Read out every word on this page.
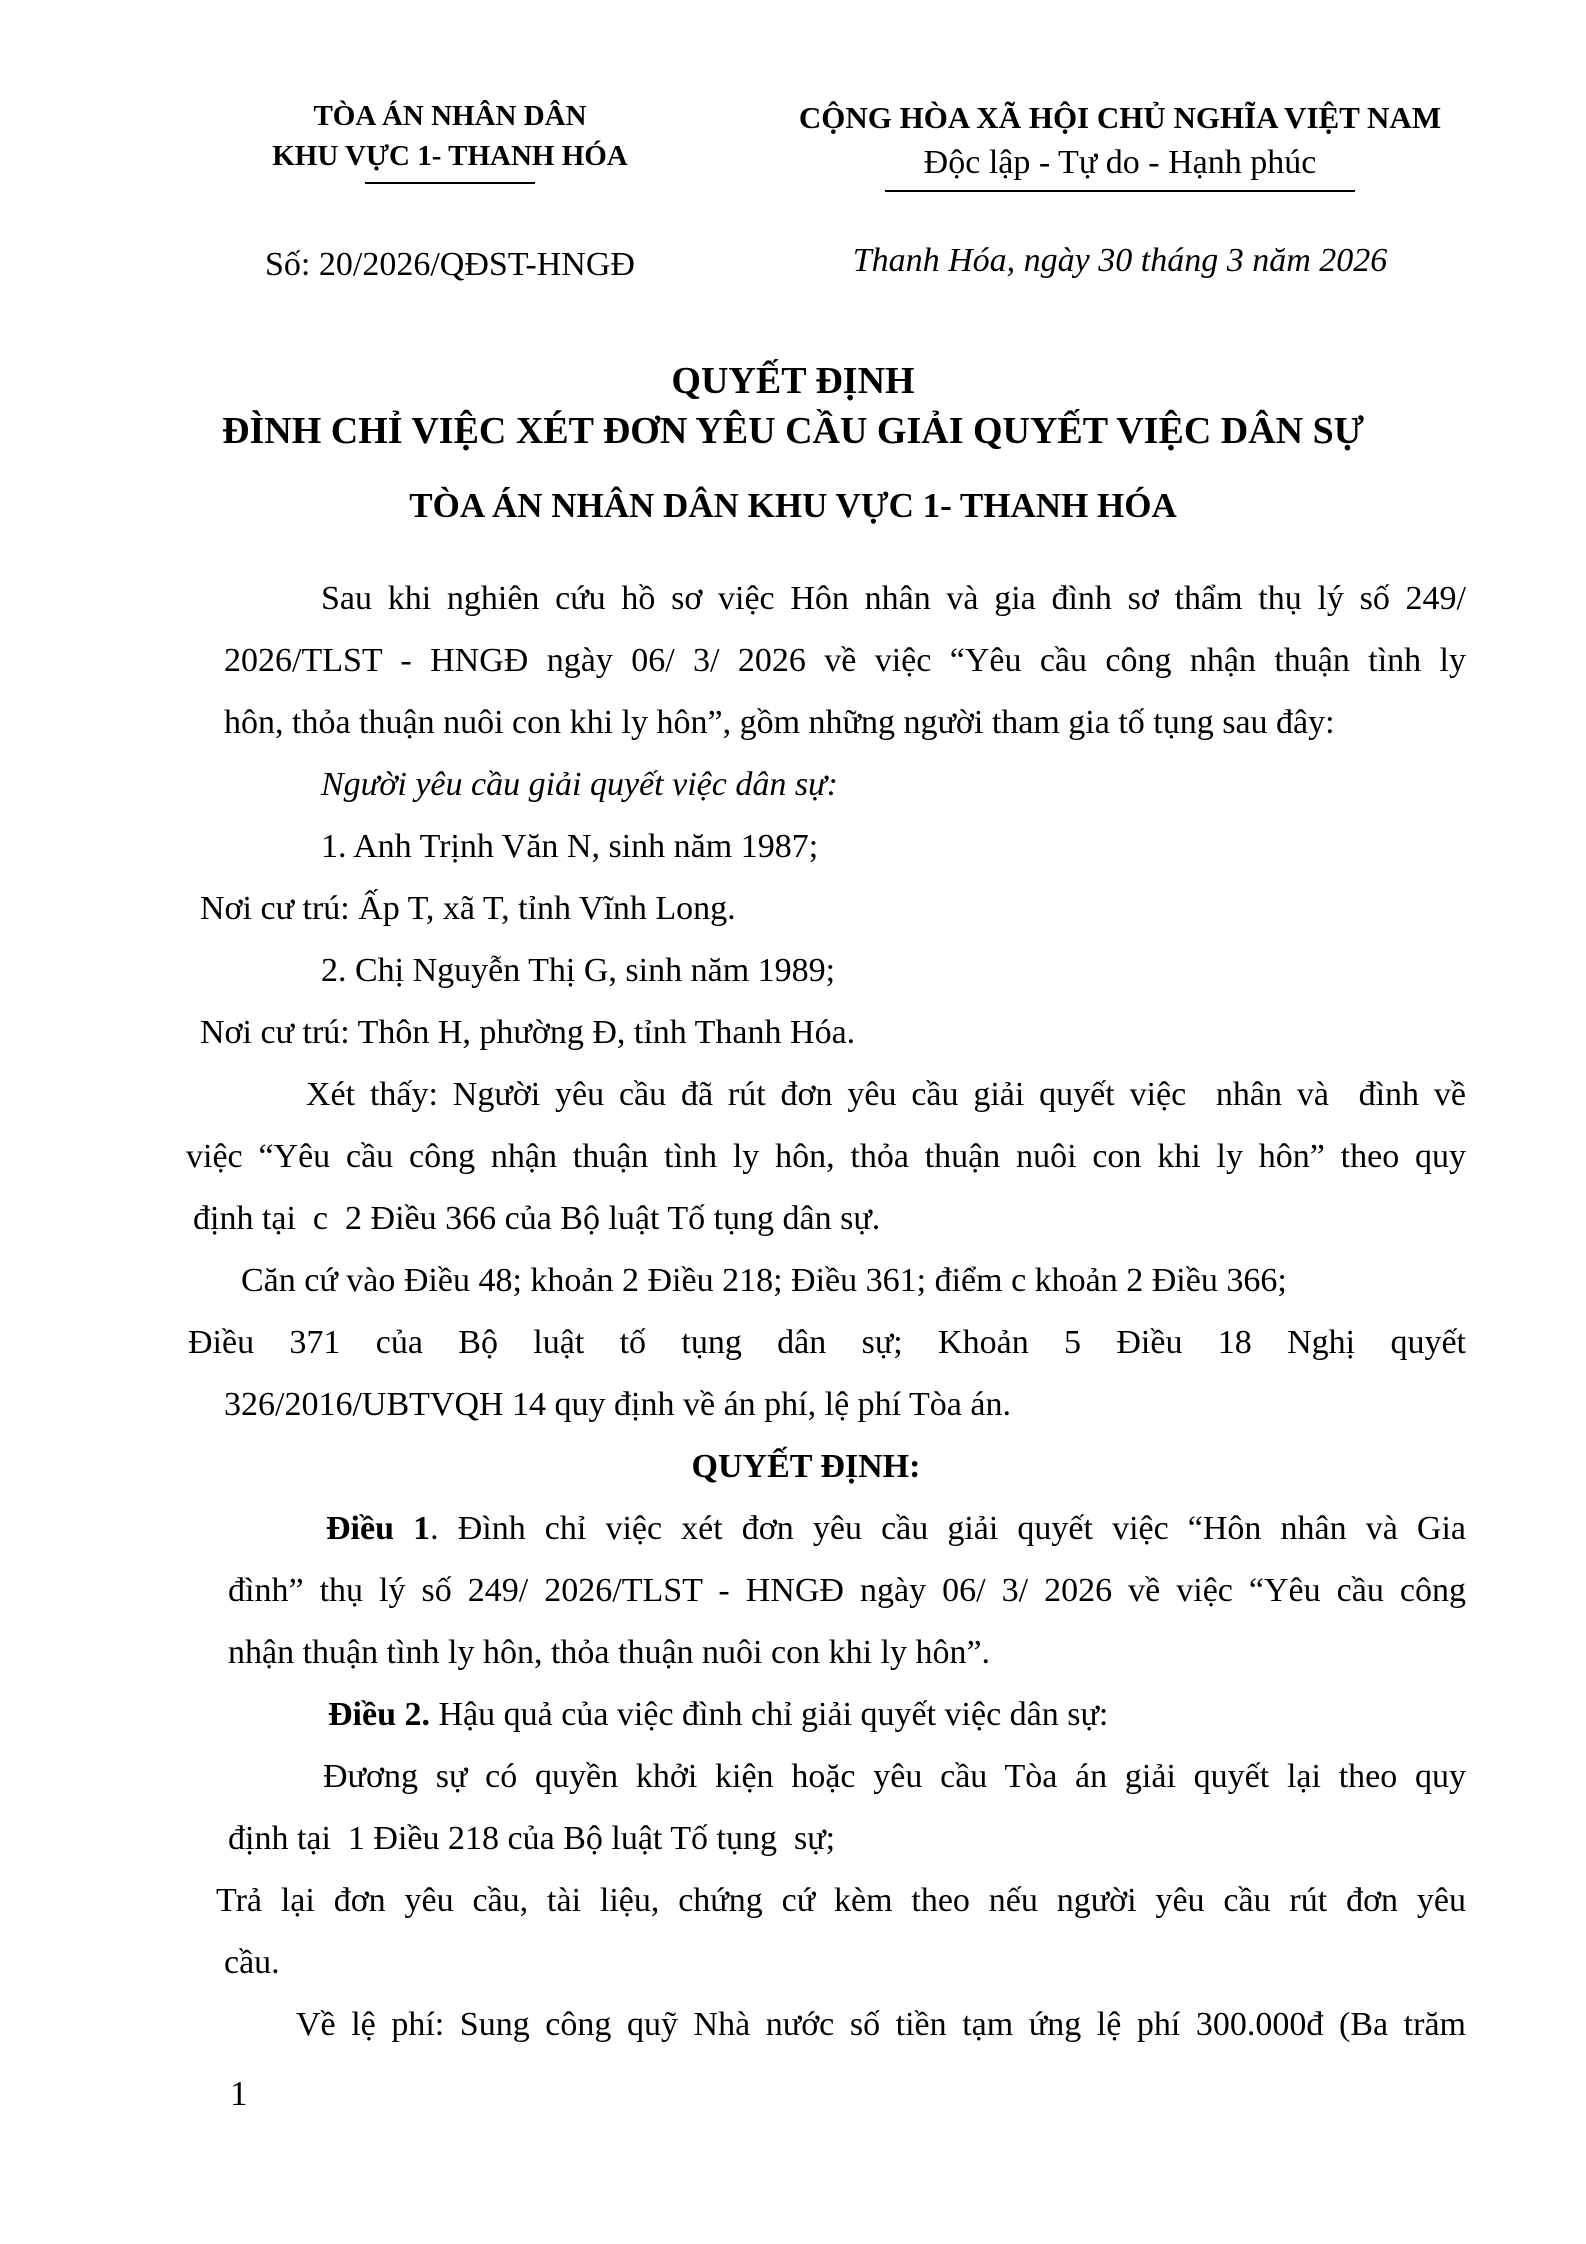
TÒA ÁN NHÂN DÂN
KHU VỰC 1- THANH HÓA
Số: 20/2026/QĐST-HNGĐ
CỘNG HÒA XÃ HỘI CHỦ NGHĨA VIỆT NAM
Độc lập - Tự do - Hạnh phúc
Thanh Hóa, ngày 30 tháng 3 năm 2026
QUYẾT ĐỊNH
ĐÌNH CHỈ VIỆC XÉT ĐƠN YÊU CẦU GIẢI QUYẾT VIỆC DÂN SỰ
TÒA ÁN NHÂN DÂN KHU VỰC 1- THANH HÓA
Sau khi nghiên cứu hồ sơ việc Hôn nhân và gia đình sơ thẩm thụ lý số 249/
2026/TLST - HNGĐ ngày 06/ 3/ 2026 về việc “Yêu cầu công nhận thuận tình ly
hôn, thỏa thuận nuôi con khi ly hôn”, gồm những người tham gia tố tụng sau đây:
Người yêu cầu giải quyết việc dân sự:
1. Anh Trịnh Văn N, sinh năm 1987;
Nơi cư trú: Ấp T, xã T, tỉnh Vĩnh Long.
2. Chị Nguyễn Thị G, sinh năm 1989;
Nơi cư trú: Thôn H, phường Đ, tỉnh Thanh Hóa.
Xét thấy: Người yêu cầu đã rút đơn yêu cầu giải quyết việc  nhân và  đình về
việc “Yêu cầu công nhận thuận tình ly hôn, thỏa thuận nuôi con khi ly hôn” theo quy
định tại  c  2 Điều 366 của Bộ luật Tố tụng dân sự.
Căn cứ vào Điều 48; khoản 2 Điều 218; Điều 361; điểm c khoản 2 Điều 366;
Điều 371 của Bộ luật tố tụng dân sự; Khoản 5 Điều 18 Nghị quyết
326/2016/UBTVQH 14 quy định về án phí, lệ phí Tòa án.
QUYẾT ĐỊNH:
Điều 1. Đình chỉ việc xét đơn yêu cầu giải quyết việc “Hôn nhân và Gia
đình” thụ lý số 249/ 2026/TLST - HNGĐ ngày 06/ 3/ 2026 về việc “Yêu cầu công
nhận thuận tình ly hôn, thỏa thuận nuôi con khi ly hôn”.
Điều 2. Hậu quả của việc đình chỉ giải quyết việc dân sự:
Đương sự có quyền khởi kiện hoặc yêu cầu Tòa án giải quyết lại theo quy
định tại  1 Điều 218 của Bộ luật Tố tụng  sự;
Trả lại đơn yêu cầu, tài liệu, chứng cứ kèm theo nếu người yêu cầu rút đơn yêu
cầu.
Về lệ phí: Sung công quỹ Nhà nước số tiền tạm ứng lệ phí 300.000đ (Ba trăm
1
